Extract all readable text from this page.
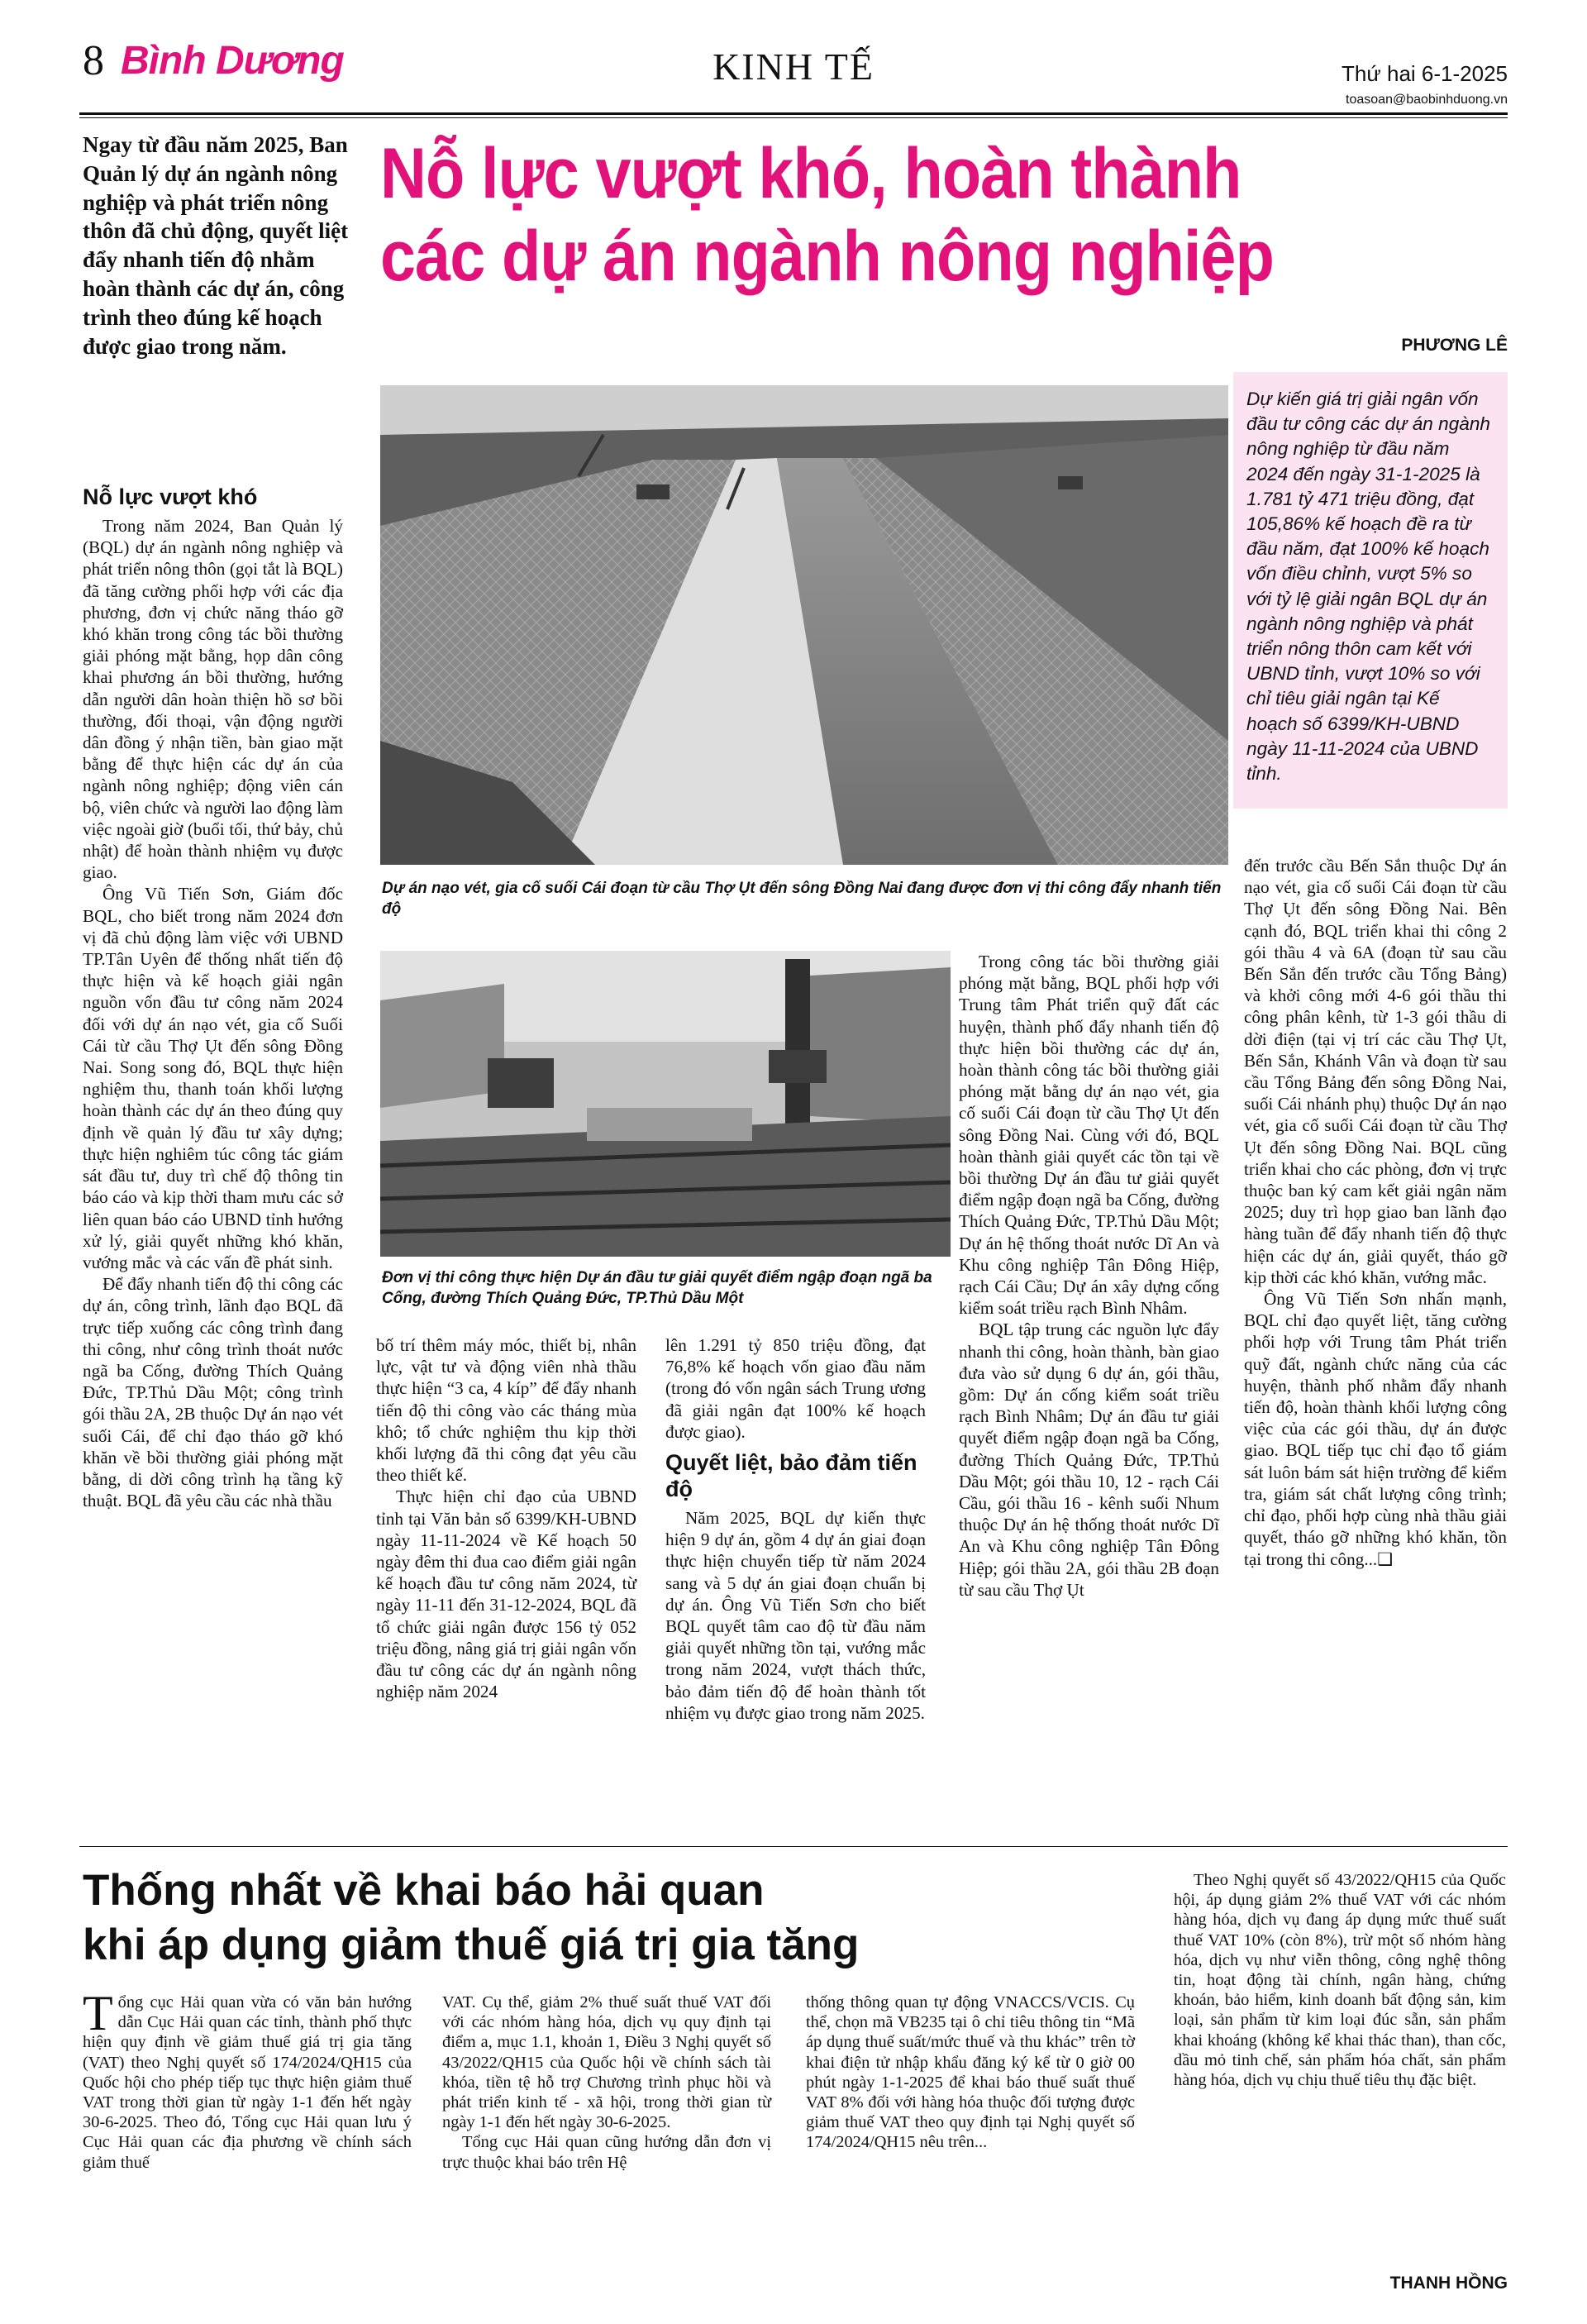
8 Bình Dương	KINH TẾ	Thứ hai 6-1-2025
toasoan@baobinhduong.vn
Ngay từ đầu năm 2025, Ban Quản lý dự án ngành nông nghiệp và phát triển nông thôn đã chủ động, quyết liệt đẩy nhanh tiến độ nhằm hoàn thành các dự án, công trình theo đúng kế hoạch được giao trong năm.
Nỗ lực vượt khó, hoàn thành
các dự án ngành nông nghiệp
PHƯƠNG LÊ
Dự án nạo vét, gia cố suối Cái đoạn từ cầu Thợ Ụt đến sông Đồng Nai đang được đơn vị thi công đẩy nhanh tiến độ
Dự kiến giá trị giải ngân vốn đầu tư công các dự án ngành nông nghiệp từ đầu năm 2024 đến ngày 31-1-2025 là 1.781 tỷ 471 triệu đồng, đạt 105,86% kế hoạch đề ra từ đầu năm, đạt 100% kế hoạch vốn điều chỉnh, vượt 5% so với tỷ lệ giải ngân BQL dự án ngành nông nghiệp và phát triển nông thôn cam kết với UBND tỉnh, vượt 10% so với chỉ tiêu giải ngân tại Kế hoạch số 6399/KH-UBND ngày 11-11-2024 của UBND tỉnh.
Đơn vị thi công thực hiện Dự án đầu tư giải quyết điểm ngập đoạn ngã ba Cống, đường Thích Quảng Đức, TP.Thủ Dầu Một
Nỗ lực vượt khó

Trong năm 2024, Ban Quản lý (BQL) dự án ngành nông nghiệp và phát triển nông thôn (gọi tắt là BQL) đã tăng cường phối hợp với các địa phương, đơn vị chức năng tháo gỡ khó khăn trong công tác bồi thường giải phóng mặt bằng, họp dân công khai phương án bồi thường, hướng dẫn người dân hoàn thiện hồ sơ bồi thường, đối thoại, vận động người dân đồng ý nhận tiền, bàn giao mặt bằng để thực hiện các dự án của ngành nông nghiệp; động viên cán bộ, viên chức và người lao động làm việc ngoài giờ (buổi tối, thứ bảy, chủ nhật) để hoàn thành nhiệm vụ được giao.

Ông Vũ Tiến Sơn, Giám đốc BQL, cho biết trong năm 2024 đơn vị đã chủ động làm việc với UBND TP.Tân Uyên để thống nhất tiến độ thực hiện và kế hoạch giải ngân nguồn vốn đầu tư công năm 2024 đối với dự án nạo vét, gia cố Suối Cái từ cầu Thợ Ụt đến sông Đồng Nai. Song song đó, BQL thực hiện nghiệm thu, thanh toán khối lượng hoàn thành các dự án theo đúng quy định về quản lý đầu tư xây dựng; thực hiện nghiêm túc công tác giám sát đầu tư, duy trì chế độ thông tin báo cáo và kịp thời tham mưu các sở liên quan báo cáo UBND tỉnh hướng xử lý, giải quyết những khó khăn, vướng mắc và các vấn đề phát sinh.

Để đẩy nhanh tiến độ thi công các dự án, công trình, lãnh đạo BQL đã trực tiếp xuống các công trình đang thi công, như công trình thoát nước ngã ba Cống, đường Thích Quảng Đức, TP.Thủ Dầu Một; công trình gói thầu 2A, 2B thuộc Dự án nạo vét suối Cái, để chỉ đạo tháo gỡ khó khăn về bồi thường giải phóng mặt bằng, di dời công trình hạ tầng kỹ thuật. BQL đã yêu cầu các nhà thầu

bố trí thêm máy móc, thiết bị, nhân lực, vật tư và động viên nhà thầu thực hiện “3 ca, 4 kíp” để đẩy nhanh tiến độ thi công vào các tháng mùa khô; tổ chức nghiệm thu kịp thời khối lượng đã thi công đạt yêu cầu theo thiết kế.

Thực hiện chỉ đạo của UBND tỉnh tại Văn bản số 6399/KH-UBND ngày 11-11-2024 về Kế hoạch 50 ngày đêm thi đua cao điểm giải ngân kế hoạch đầu tư công năm 2024, từ ngày 11-11 đến 31-12-2024, BQL đã tổ chức giải ngân được 156 tỷ 052 triệu đồng, nâng giá trị giải ngân vốn đầu tư công các dự án ngành nông nghiệp năm 2024

lên 1.291 tỷ 850 triệu đồng, đạt 76,8% kế hoạch vốn giao đầu năm (trong đó vốn ngân sách Trung ương đã giải ngân đạt 100% kế hoạch được giao).

Quyết liệt, bảo đảm tiến độ

Năm 2025, BQL dự kiến thực hiện 9 dự án, gồm 4 dự án giai đoạn thực hiện chuyển tiếp từ năm 2024 sang và 5 dự án giai đoạn chuẩn bị dự án. Ông Vũ Tiến Sơn cho biết BQL quyết tâm cao độ từ đầu năm giải quyết những tồn tại, vướng mắc trong năm 2024, vượt thách thức, bảo đảm tiến độ để hoàn thành tốt nhiệm vụ được giao trong năm 2025.

Trong công tác bồi thường giải phóng mặt bằng, BQL phối hợp với Trung tâm Phát triển quỹ đất các huyện, thành phố đẩy nhanh tiến độ thực hiện bồi thường các dự án, hoàn thành công tác bồi thường giải phóng mặt bằng dự án nạo vét, gia cố suối Cái đoạn từ cầu Thợ Ụt đến sông Đồng Nai. Cùng với đó, BQL hoàn thành giải quyết các tồn tại về bồi thường Dự án đầu tư giải quyết điểm ngập đoạn ngã ba Cống, đường Thích Quảng Đức, TP.Thủ Dầu Một; Dự án hệ thống thoát nước Dĩ An và Khu công nghiệp Tân Đông Hiệp, rạch Cái Cầu; Dự án xây dựng cống kiểm soát triều rạch Bình Nhâm.

BQL tập trung các nguồn lực đẩy nhanh thi công, hoàn thành, bàn giao đưa vào sử dụng 6 dự án, gói thầu, gồm: Dự án cống kiểm soát triều rạch Bình Nhâm; Dự án đầu tư giải quyết điểm ngập đoạn ngã ba Cống, đường Thích Quảng Đức, TP.Thủ Dầu Một; gói thầu 10, 12 - rạch Cái Cầu, gói thầu 16 - kênh suối Nhum thuộc Dự án hệ thống thoát nước Dĩ An và Khu công nghiệp Tân Đông Hiệp; gói thầu 2A, gói thầu 2B đoạn từ sau cầu Thợ Ụt

đến trước cầu Bến Sắn thuộc Dự án nạo vét, gia cố suối Cái đoạn từ cầu Thợ Ụt đến sông Đồng Nai. Bên cạnh đó, BQL triển khai thi công 2 gói thầu 4 và 6A (đoạn từ sau cầu Bến Sắn đến trước cầu Tổng Bảng) và khởi công mới 4-6 gói thầu thi công phân kênh, từ 1-3 gói thầu di dời điện (tại vị trí các cầu Thợ Ụt, Bến Sắn, Khánh Vân và đoạn từ sau cầu Tổng Bảng đến sông Đồng Nai, suối Cái nhánh phụ) thuộc Dự án nạo vét, gia cố suối Cái đoạn từ cầu Thợ Ụt đến sông Đồng Nai. BQL cũng triển khai cho các phòng, đơn vị trực thuộc ban ký cam kết giải ngân năm 2025; duy trì họp giao ban lãnh đạo hàng tuần để đẩy nhanh tiến độ thực hiện các dự án, giải quyết, tháo gỡ kịp thời các khó khăn, vướng mắc.

Ông Vũ Tiến Sơn nhấn mạnh, BQL chỉ đạo quyết liệt, tăng cường phối hợp với Trung tâm Phát triển quỹ đất, ngành chức năng của các huyện, thành phố nhằm đẩy nhanh tiến độ, hoàn thành khối lượng công việc của các gói thầu, dự án được giao. BQL tiếp tục chỉ đạo tổ giám sát luôn bám sát hiện trường để kiểm tra, giám sát chất lượng công trình; chỉ đạo, phối hợp cùng nhà thầu giải quyết, tháo gỡ những khó khăn, tồn tại trong thi công...❑

Thống nhất về khai báo hải quan
khi áp dụng giảm thuế giá trị gia tăng

Tổng cục Hải quan vừa có văn bản hướng dẫn Cục Hải quan các tỉnh, thành phố thực hiện quy định về giảm thuế giá trị gia tăng (VAT) theo Nghị quyết số 174/2024/QH15 của Quốc hội cho phép tiếp tục thực hiện giảm thuế VAT trong thời gian từ ngày 1-1 đến hết ngày 30-6-2025. Theo đó, Tổng cục Hải quan lưu ý Cục Hải quan các địa phương về chính sách giảm thuế

VAT. Cụ thể, giảm 2% thuế suất thuế VAT đối với các nhóm hàng hóa, dịch vụ quy định tại điểm a, mục 1.1, khoản 1, Điều 3 Nghị quyết số 43/2022/QH15 của Quốc hội về chính sách tài khóa, tiền tệ hỗ trợ Chương trình phục hồi và phát triển kinh tế - xã hội, trong thời gian từ ngày 1-1 đến hết ngày 30-6-2025.

Tổng cục Hải quan cũng hướng dẫn đơn vị trực thuộc khai báo trên Hệ

thống thông quan tự động VNACCS/VCIS. Cụ thể, chọn mã VB235 tại ô chỉ tiêu thông tin “Mã áp dụng thuế suất/mức thuế và thu khác” trên tờ khai điện tử nhập khẩu đăng ký kể từ 0 giờ 00 phút ngày 1-1-2025 để khai báo thuế suất thuế VAT 8% đối với hàng hóa thuộc đối tượng được giảm thuế VAT theo quy định tại Nghị quyết số 174/2024/QH15 nêu trên...

Theo Nghị quyết số 43/2022/QH15 của Quốc hội, áp dụng giảm 2% thuế VAT với các nhóm hàng hóa, dịch vụ đang áp dụng mức thuế suất thuế VAT 10% (còn 8%), trừ một số nhóm hàng hóa, dịch vụ như viễn thông, công nghệ thông tin, hoạt động tài chính, ngân hàng, chứng khoán, bảo hiểm, kinh doanh bất động sản, kim loại, sản phẩm từ kim loại đúc sẵn, sản phẩm khai khoáng (không kể khai thác than), than cốc, dầu mỏ tinh chế, sản phẩm hóa chất, sản phẩm hàng hóa, dịch vụ chịu thuế tiêu thụ đặc biệt.

THANH HỒNG
